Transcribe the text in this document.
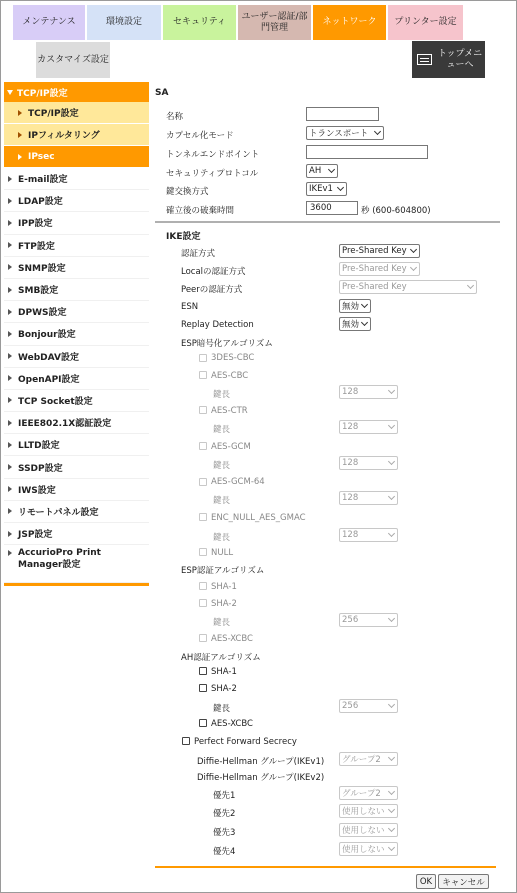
メンテナンス	環境設定	セキュリティ
ユーザー認証/部門管理
ネットワーク プリンター設定
カスタマイズ設定
トップメニューへ
TCP/IP設定
TCP/IP設定
IPフィルタリング
IPsec
E-mail設定
LDAP設定
IPP設定
FTP設定
SNMP設定
SMB設定
DPWS設定
Bonjour設定
WebDAV設定
OpenAPI設定
TCP Socket設定
IEEE802.1X認証設定
LLTD設定
SSDP設定
IWS設定
リモートパネル設定
JSP設定
AccurioPro Print Manager設定
SA
名称
カプセル化モード	トランスポート
トンネルエンドポイント
セキュリティプロトコル	AH
鍵交換方式	IKEv1
確立後の破棄時間	3600	秒 (600-604800)
IKE設定
認証方式	Pre-Shared Key
Localの認証方式	Pre-Shared Key
Peerの認証方式	Pre-Shared Key
ESN	無効
Replay Detection	無効
ESP暗号化アルゴリズム
3DES-CBC
AES-CBC
鍵長	128
AES-CTR
鍵長	128
AES-GCM
鍵長	128
AES-GCM-64
鍵長	128
ENC_NULL_AES_GMAC
鍵長	128
NULL
ESP認証アルゴリズム
SHA-1
SHA-2
鍵長	256
AES-XCBC
AH認証アルゴリズム
SHA-1
SHA-2
鍵長	256
AES-XCBC
Perfect Forward Secrecy
Diffie-Hellman グループ(IKEv1) グループ2
Diffie-Hellman グループ(IKEv2)
優先1	グループ2
優先2	使用しない
優先3	使用しない
優先4	使用しない
OK	キャンセル
